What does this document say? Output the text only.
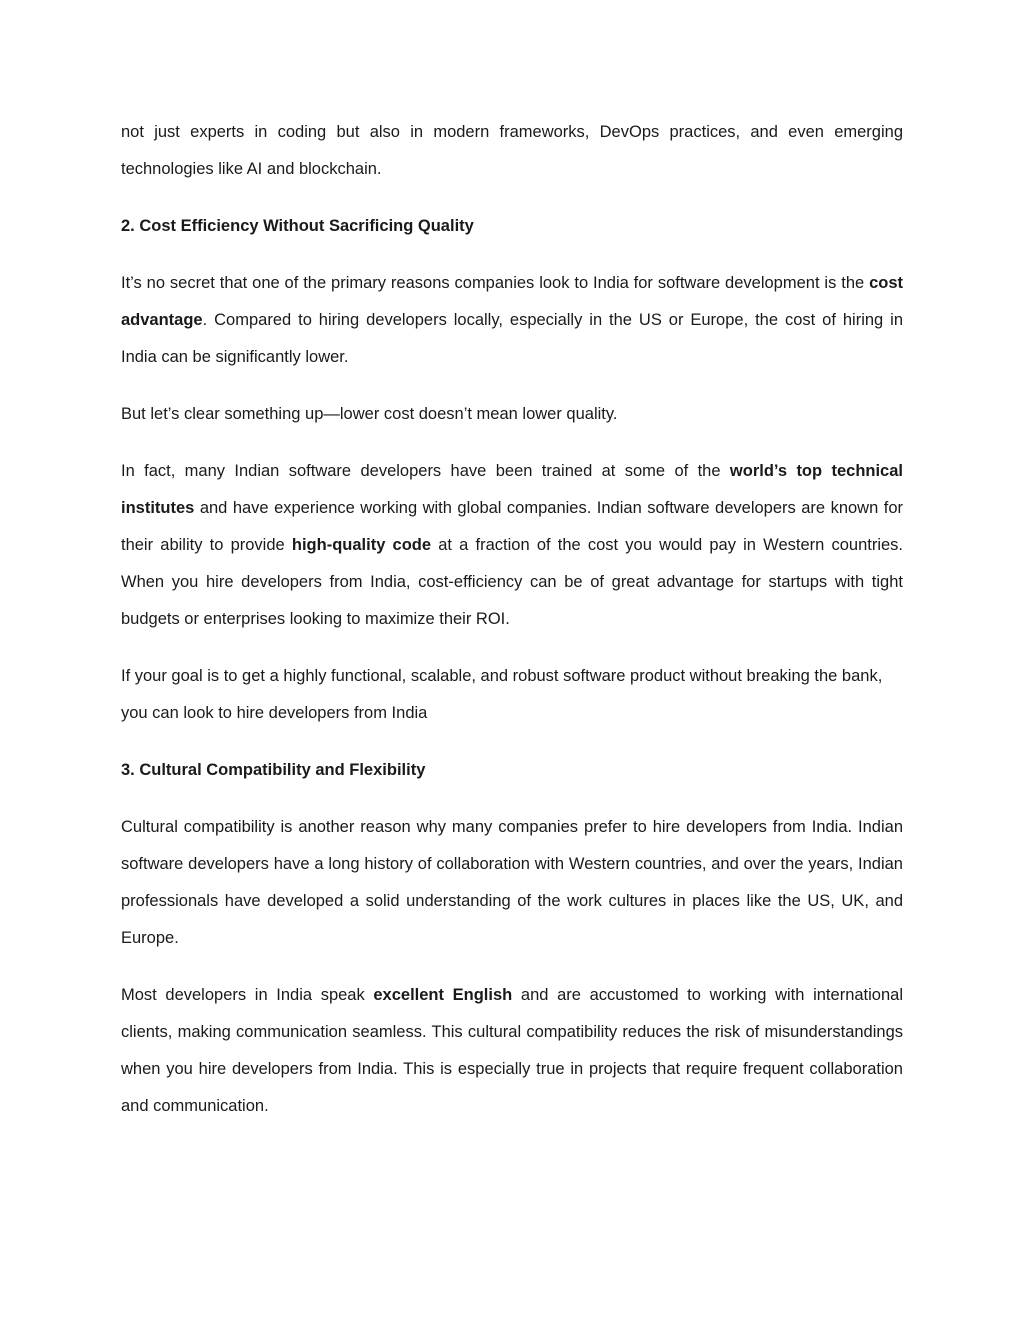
not just experts in coding but also in modern frameworks, DevOps practices, and even emerging technologies like AI and blockchain.

2. Cost Efficiency Without Sacrificing Quality

It’s no secret that one of the primary reasons companies look to India for software development is the cost advantage. Compared to hiring developers locally, especially in the US or Europe, the cost of hiring in India can be significantly lower.

But let’s clear something up—lower cost doesn’t mean lower quality.

In fact, many Indian software developers have been trained at some of the world’s top technical institutes and have experience working with global companies. Indian software developers are known for their ability to provide high-quality code at a fraction of the cost you would pay in Western countries. When you hire developers from India, cost-efficiency can be of great advantage for startups with tight budgets or enterprises looking to maximize their ROI.

If your goal is to get a highly functional, scalable, and robust software product without breaking the bank, you can look to hire developers from India

3. Cultural Compatibility and Flexibility

Cultural compatibility is another reason why many companies prefer to hire developers from India. Indian software developers have a long history of collaboration with Western countries, and over the years, Indian professionals have developed a solid understanding of the work cultures in places like the US, UK, and Europe.

Most developers in India speak excellent English and are accustomed to working with international clients, making communication seamless. This cultural compatibility reduces the risk of misunderstandings when you hire developers from India. This is especially true in projects that require frequent collaboration and communication.
